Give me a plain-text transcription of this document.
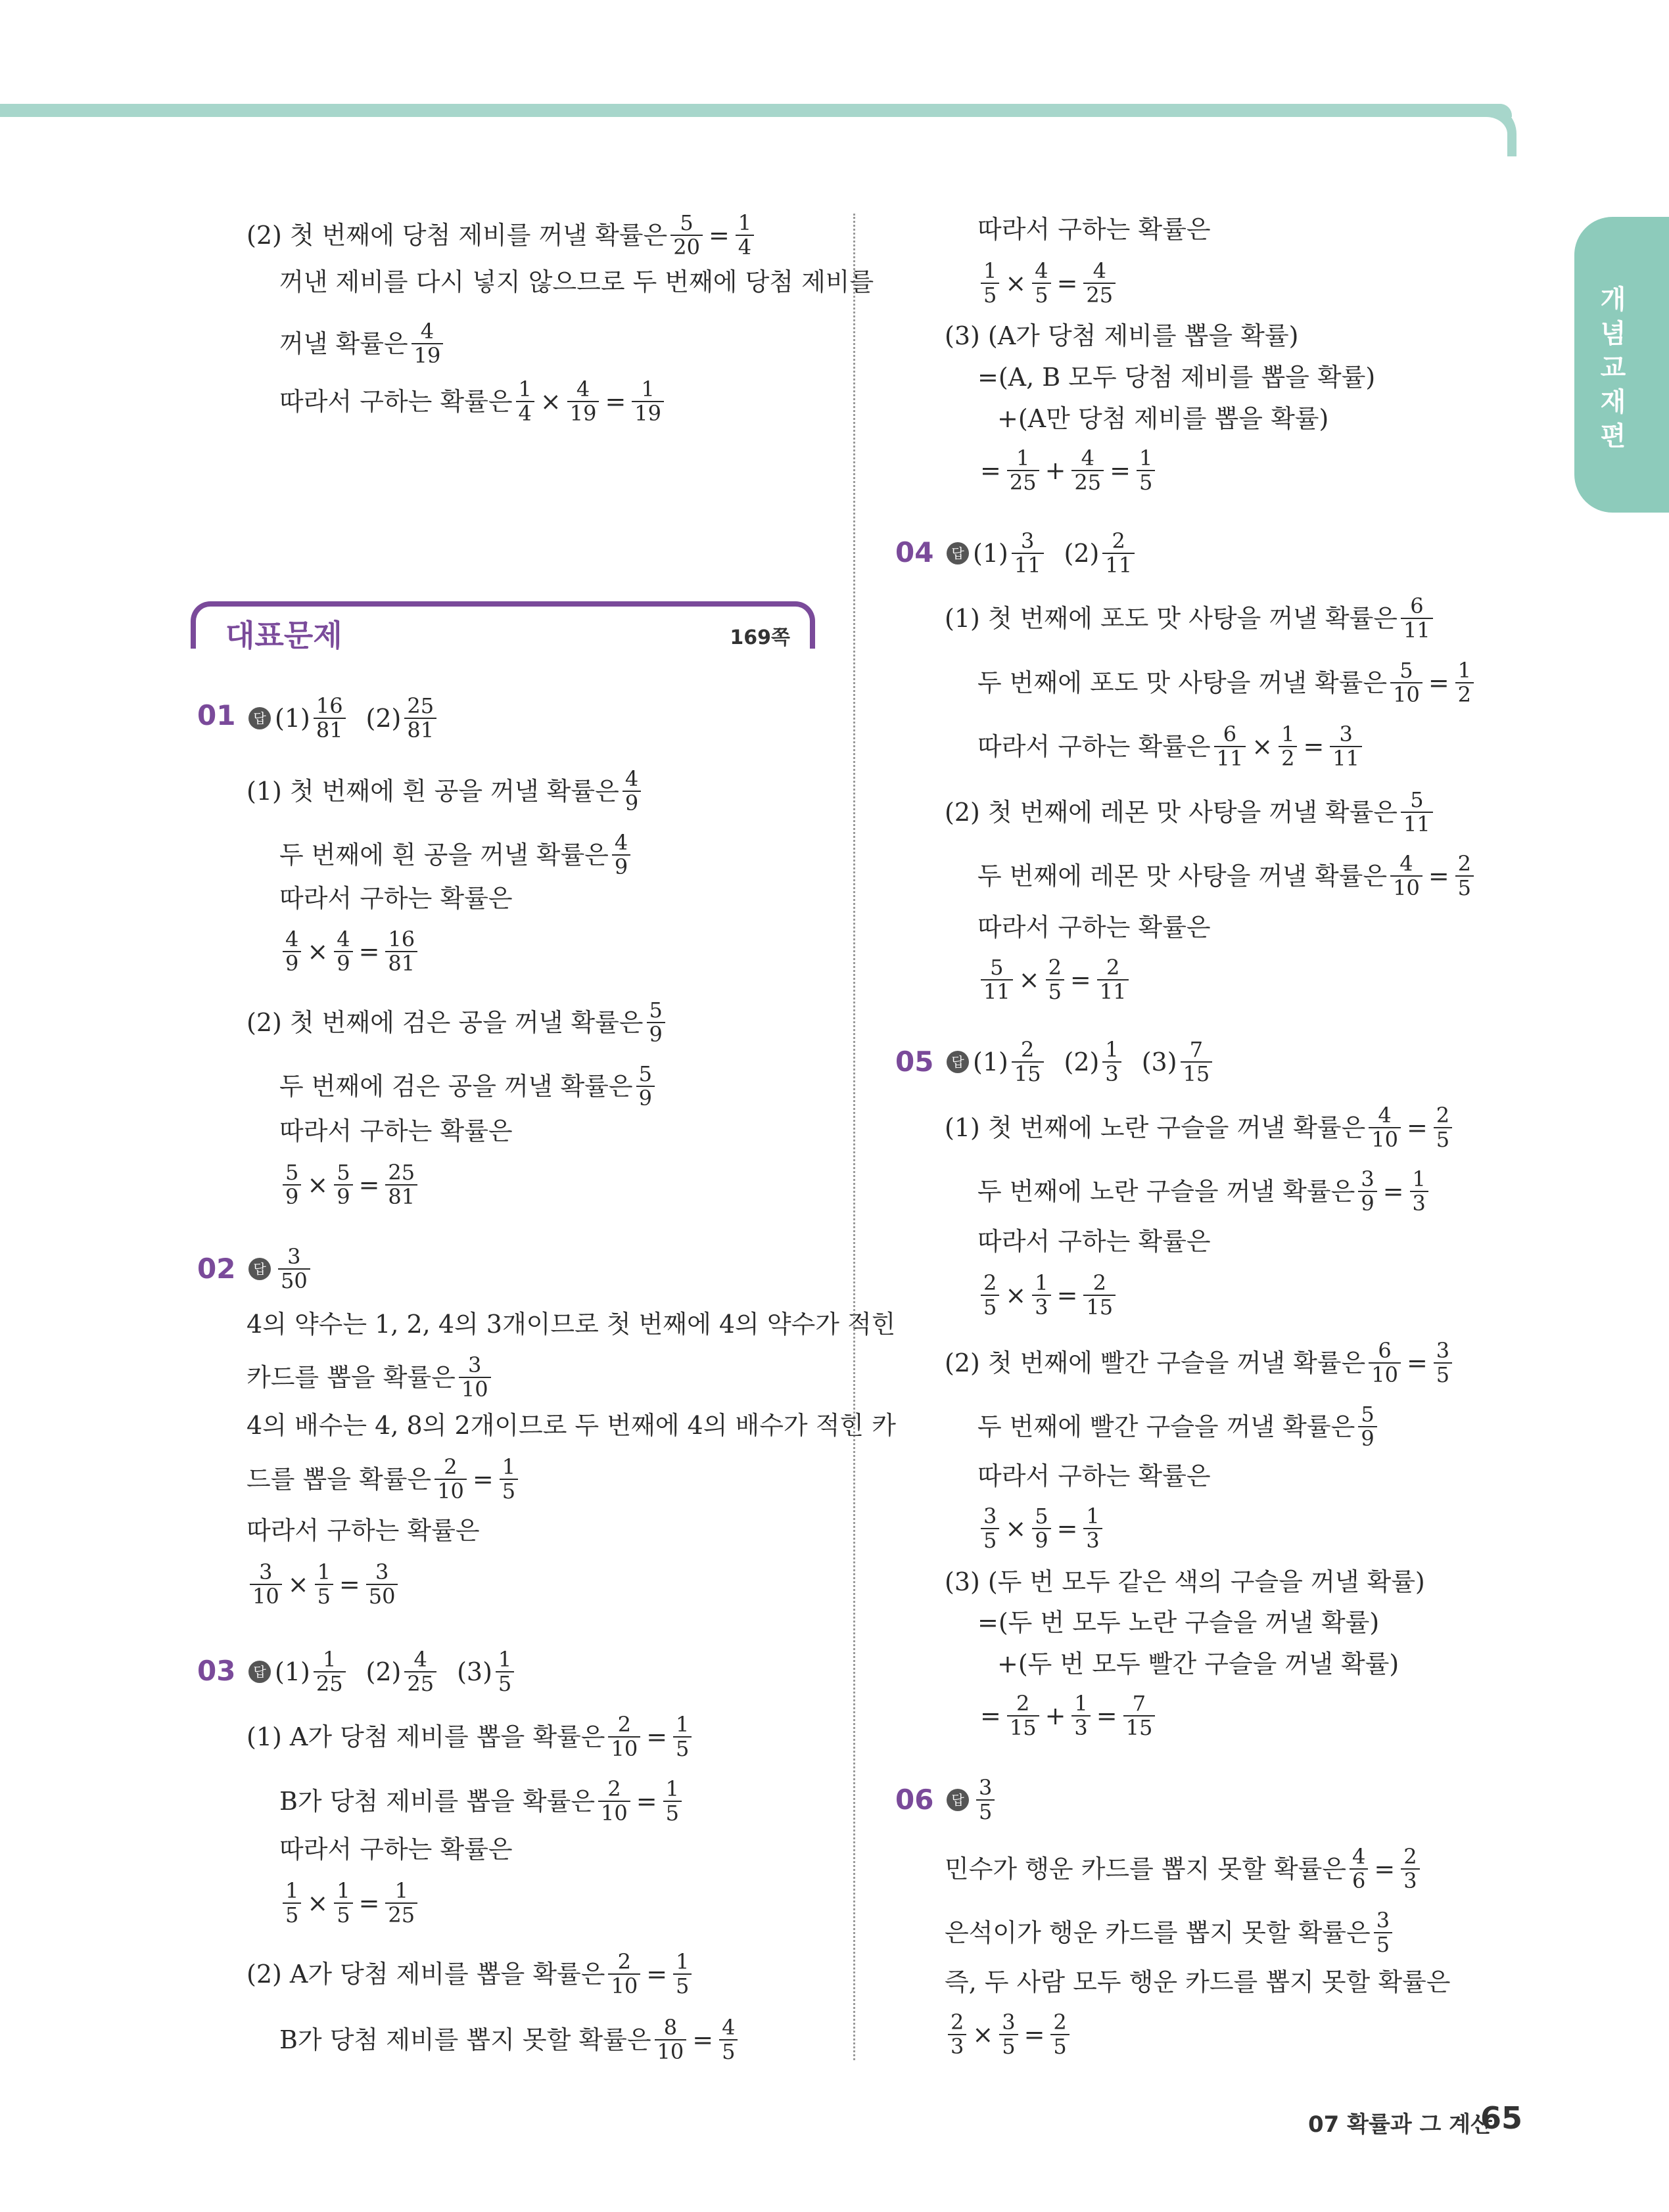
개념교재편
(2) 첫 번째에 당첨 제비를 꺼낼 확률은 $\frac{5}{20} = \frac{1}{4}$
꺼낸 제비를 다시 넣지 않으므로 두 번째에 당첨 제비를
꺼낼 확률은 $\frac{4}{19}$
따라서 구하는 확률은 $\frac{1}{4} \times \frac{4}{19} = \frac{1}{19}$
01	답 $(1) \frac{16}{81} (2) \frac{25}{81}$
(1) 첫 번째에 흰 공을 꺼낼 확률은 $\frac{4}{9}$
두 번째에 흰 공을 꺼낼 확률은 $\frac{4}{9}$
따라서 구하는 확률은
$\frac{4}{9} \times \frac{4}{9} = \frac{16}{81}$
(2) 첫 번째에 검은 공을 꺼낼 확률은 $\frac{5}{9}$
두 번째에 검은 공을 꺼낼 확률은 $\frac{5}{9}$
따라서 구하는 확률은
$\frac{5}{9} \times \frac{5}{9} = \frac{25}{81}$
02	답 $\frac{3}{50}$
4의 약수는 1, 2, 4의 3개이므로 첫 번째에 4의 약수가 적힌
카드를 뽑을 확률은 $\frac{3}{10}$
4의 배수는 4, 8의 2개이므로 두 번째에 4의 배수가 적힌 카
드를 뽑을 확률은 $\frac{2}{10} = \frac{1}{5}$
따라서 구하는 확률은
$\frac{3}{10} \times \frac{1}{5} = \frac{3}{50}$
03	답 $(1) \frac{1}{25} (2) \frac{4}{25} (3) \frac{1}{5}$
(1) A가 당첨 제비를 뽑을 확률은 $\frac{2}{10} = \frac{1}{5}$
B가 당첨 제비를 뽑을 확률은 $\frac{2}{10} = \frac{1}{5}$
따라서 구하는 확률은
$\frac{1}{5} \times \frac{1}{5} = \frac{1}{25}$
(2) A가 당첨 제비를 뽑을 확률은 $\frac{2}{10} = \frac{1}{5}$
B가 당첨 제비를 뽑지 못할 확률은 $\frac{8}{10} = \frac{4}{5}$
대표문제	169쪽
따라서 구하는 확률은
$\frac{1}{5} \times \frac{4}{5} = \frac{4}{25}$
(3) (A가 당첨 제비를 뽑을 확률)
=(A, B 모두 당첨 제비를 뽑을 확률)
+(A만 당첨 제비를 뽑을 확률)
= $\frac{1}{25} + \frac{4}{25} = \frac{1}{5}$
04	답 $(1) \frac{3}{11} (2) \frac{2}{11}$
(1) 첫 번째에 포도 맛 사탕을 꺼낼 확률은 $\frac{6}{11}$
두 번째에 포도 맛 사탕을 꺼낼 확률은 $\frac{5}{10} = \frac{1}{2}$
따라서 구하는 확률은 $\frac{6}{11} \times \frac{1}{2} = \frac{3}{11}$
(2) 첫 번째에 레몬 맛 사탕을 꺼낼 확률은 $\frac{5}{11}$
두 번째에 레몬 맛 사탕을 꺼낼 확률은 $\frac{4}{10} = \frac{2}{5}$
따라서 구하는 확률은
$\frac{5}{11} \times \frac{2}{5} = \frac{2}{11}$
05	답 $(1) \frac{2}{15} (2) \frac{1}{3} (3) \frac{7}{15}$
(1) 첫 번째에 노란 구슬을 꺼낼 확률은 $\frac{4}{10} = \frac{2}{5}$
두 번째에 노란 구슬을 꺼낼 확률은 $\frac{3}{9} = \frac{1}{3}$
따라서 구하는 확률은
$\frac{2}{5} \times \frac{1}{3} = \frac{2}{15}$
(2) 첫 번째에 빨간 구슬을 꺼낼 확률은 $\frac{6}{10} = \frac{3}{5}$
두 번째에 빨간 구슬을 꺼낼 확률은 $\frac{5}{9}$
따라서 구하는 확률은
$\frac{3}{5} \times \frac{5}{9} = \frac{1}{3}$
(3) (두 번 모두 같은 색의 구슬을 꺼낼 확률)
=(두 번 모두 노란 구슬을 꺼낼 확률)
+(두 번 모두 빨간 구슬을 꺼낼 확률)
= $\frac{2}{15} + \frac{1}{3} = \frac{7}{15}$
06	답 $\frac{3}{5}$
민수가 행운 카드를 뽑지 못할 확률은 $\frac{4}{6} = \frac{2}{3}$
은석이가 행운 카드를 뽑지 못할 확률은 $\frac{3}{5}$
즉, 두 사람 모두 행운 카드를 뽑지 못할 확률은
$\frac{2}{3} \times \frac{3}{5} = \frac{2}{5}$
07 확률과 그 계산
65
